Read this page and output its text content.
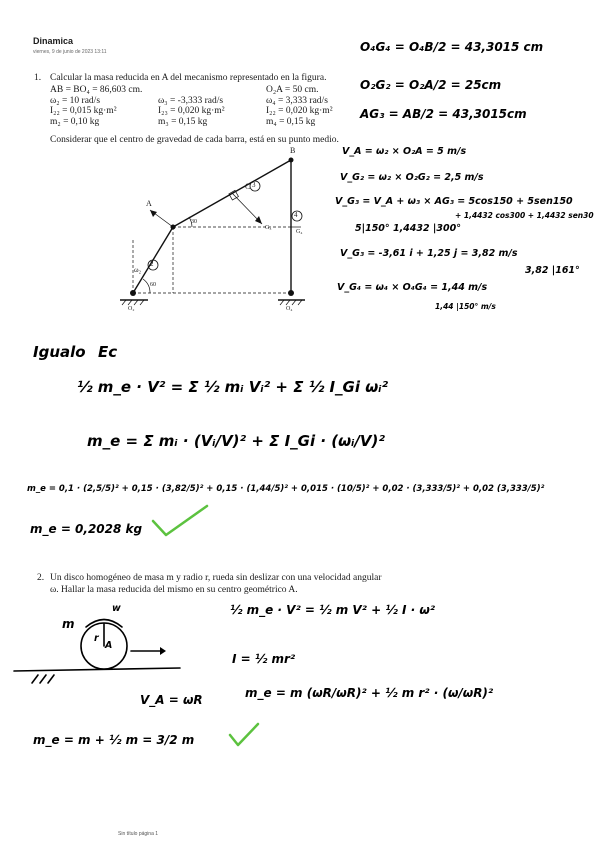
Dinamica
viernes, 9 de junio de 2023 13:11
1. Calcular la masa reducida en A del mecanismo representado en la figura.
AB = BO₄ = 86,603 cm.		O₂A = 50 cm.
ω₂ = 10 rad/s	ω₃ = -3,333 rad/s	ω₄ = 3,333 rad/s
I₂₂ = 0,015 kg·m²	I₂₃ = 0,020 kg·m²	I₂₂ = 0,020 kg·m²
m₂ = 0,10 kg	m₃ = 0,15 kg	m₄ = 0,15 kg
Considerar que el centro de gravedad de cada barra, está en su punto medio.
A
B
C
G₃
G₄
O₂	O₄
2
3
4
ω₂
30
60
O₄G₄ = O₄B/2 = 43,3015 cm
O₂G₂ = O₂A/2 = 25cm
AG₃ = AB/2 = 43,3015cm
V_A = ω₂ × O₂A = 5 m/s
V_G₂ = ω₂ × O₂G₂ = 2,5 m/s
V_G₃ = V_A + ω₃ × AG₃ = 5cos150 + 5sen150
+ 1,4432 cos300 + 1,4432 sen30
5|150° 1,4432 |300°
V_G₃ = -3,61 i + 1,25 j = 3,82 m/s
3,82 |161°
V_G₄ = ω₄ × O₄G₄ = 1,44 m/s
1,44 |150° m/s
Igualo Ec
½ m_e · V² = Σ ½ mᵢ Vᵢ² + Σ ½ I_Gi ωᵢ²
m_e = Σ mᵢ · (Vᵢ/V)² + Σ I_Gi · (ωᵢ/V)²
m_e = 0,1 · (2,5/5)² + 0,15 · (3,82/5)² + 0,15 · (1,44/5)² + 0,015 · (10/5)² + 0,02 · (3,333/5)² + 0,02 (3,333/5)²
m_e = 0,2028 kg
2. Un disco homogéneo de masa m y radio r, rueda sin deslizar con una velocidad angular
ω. Hallar la masa reducida del mismo en su centro geométrico A.
m
w
r
A
½ m_e · V² = ½ m V² + ½ I · ω²
I = ½ mr²
m_e = m (ωR/ωR)² + ½ m r² · (ω/ωR)²
V_A = ωR
m_e = m + ½ m = 3/2 m
Sin título página 1
